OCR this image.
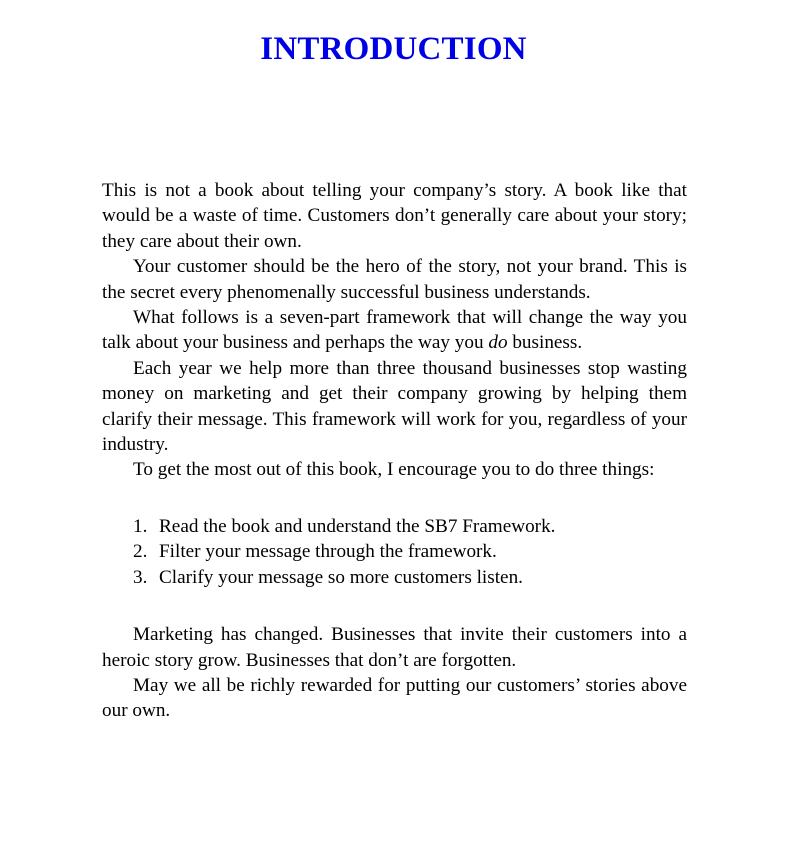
INTRODUCTION

This is not a book about telling your company’s story. A book like that would be a waste of time. Customers don’t generally care about your story; they care about their own.

Your customer should be the hero of the story, not your brand. This is the secret every phenomenally successful business understands.

What follows is a seven-part framework that will change the way you talk about your business and perhaps the way you do business.

Each year we help more than three thousand businesses stop wasting money on marketing and get their company growing by helping them clarify their message. This framework will work for you, regardless of your industry.

To get the most out of this book, I encourage you to do three things:

1. Read the book and understand the SB7 Framework.
2. Filter your message through the framework.
3. Clarify your message so more customers listen.

Marketing has changed. Businesses that invite their customers into a heroic story grow. Businesses that don’t are forgotten.

May we all be richly rewarded for putting our customers’ stories above our own.
